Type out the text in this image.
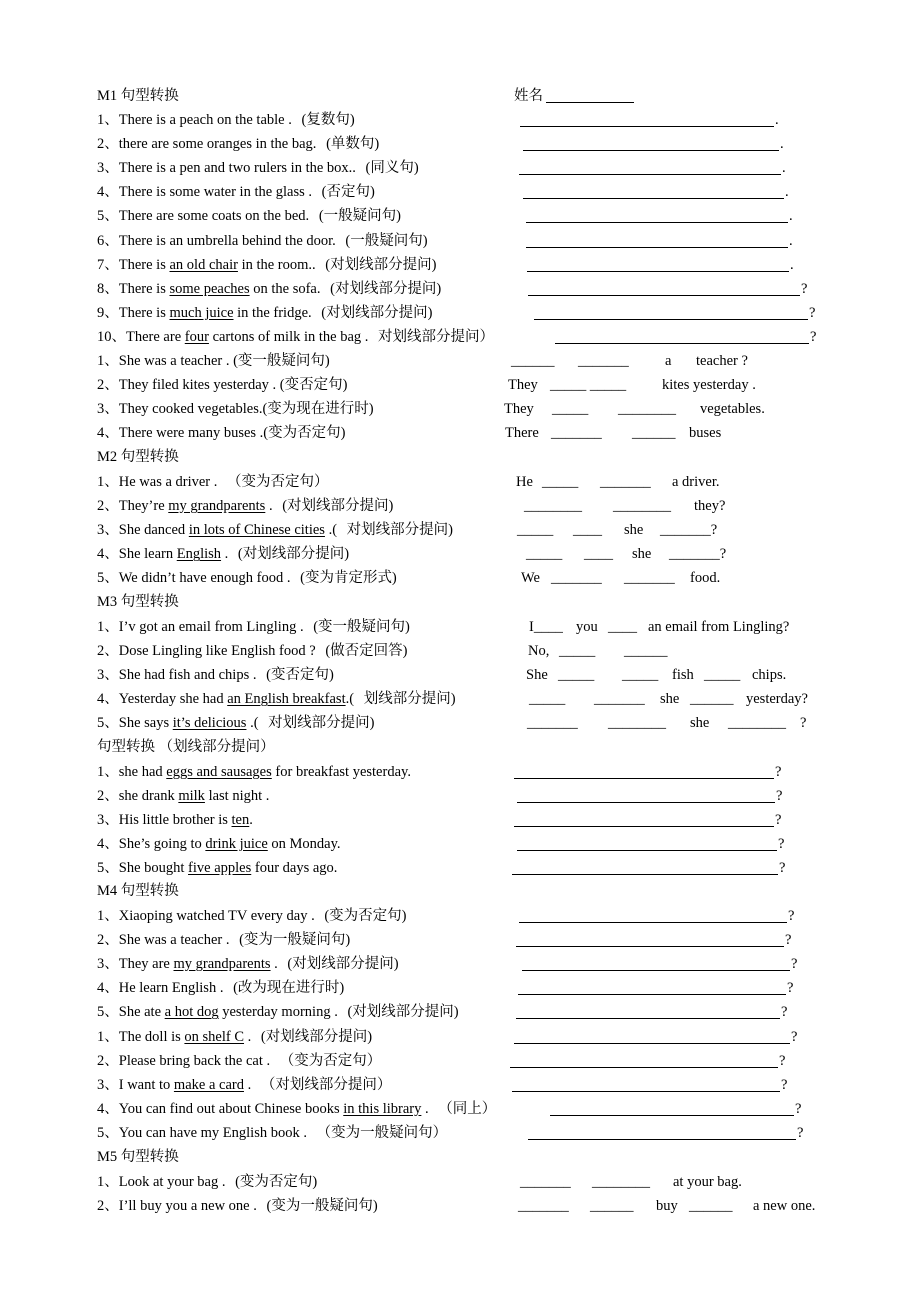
M1 句型转换	姓名
1、There is a peach on the table . (复数句)	.
2、there are some oranges in the bag. (单数句)	.
3、There is a pen and two rulers in the box.. (同义句)	.
4、There is some water in the glass . (否定句)	.
5、There are some coats on the bed. (一般疑问句)	.
6、There is an umbrella behind the door. (一般疑问句)	.
7、There is an old chair in the room.. (对划线部分提问)	.
8、There is some peaches on the sofa. (对划线部分提问)	?
9、There is much juice in the fridge. (对划线部分提问)	?
10、There are four cartons of milk in the bag . 对划线部分提问）	?
1、She was a teacher . (变一般疑问句)	______ _______	a teacher ?
2、They filed kites yesterday . (变否定句)	They _____ _____ kites yesterday .
3、They cooked vegetables.(变为现在进行时)	They _____ ________ vegetables.
4、There were many buses .(变为否定句)	There _______ ______ buses
M2 句型转换
1、He was a driver . （变为否定句）	He _____ _______ a driver.
2、They’re my grandparents . (对划线部分提问)	________ ________ they?
3、She danced in lots of Chinese cities .( 对划线部分提问)	_____ ____ she _______?
4、She learn English . (对划线部分提问)	_____ ____ she _______?
5、We didn’t have enough food . (变为肯定形式)	We _______ _______ food.
M3 句型转换
1、I’v got an email from Lingling . (变一般疑问句)	I____ you ____ an email from Lingling?
2、Dose Lingling like English food ? (做否定回答)	No, _____ ______
3、She had fish and chips . (变否定句)	She _____ _____ fish _____ chips.
4、Yesterday she had an English breakfast.( 划线部分提问)	_____ _______ she ______ yesterday?
5、She says it’s delicious .( 对划线部分提问)	_______ ________ she ________ ?
句型转换 （划线部分提问）
1、she had eggs and sausages for breakfast yesterday.	?
2、she drank milk last night .	?
3、His little brother is ten.	?
4、She’s going to drink juice on Monday.	?
5、She bought five apples four days ago.	?
M4 句型转换
1、Xiaoping watched TV every day . (变为否定句)	?
2、She was a teacher . (变为一般疑问句)	?
3、They are my grandparents . (对划线部分提问)	?
4、He learn English . (改为现在进行时)	?
5、She ate a hot dog yesterday morning . (对划线部分提问)	?
1、The doll is on shelf C . (对划线部分提问)	?
2、Please bring back the cat . （变为否定句）	?
3、I want to make a card . （对划线部分提问）	?
4、You can find out about Chinese books in this library . （同上）	?
5、You can have my English book . （变为一般疑问句）	?
M5 句型转换
1、Look at your bag . (变为否定句)	_______ ________ at your bag.
2、I’ll buy you a new one . (变为一般疑问句)	_______ ______ buy ______ a new one.
